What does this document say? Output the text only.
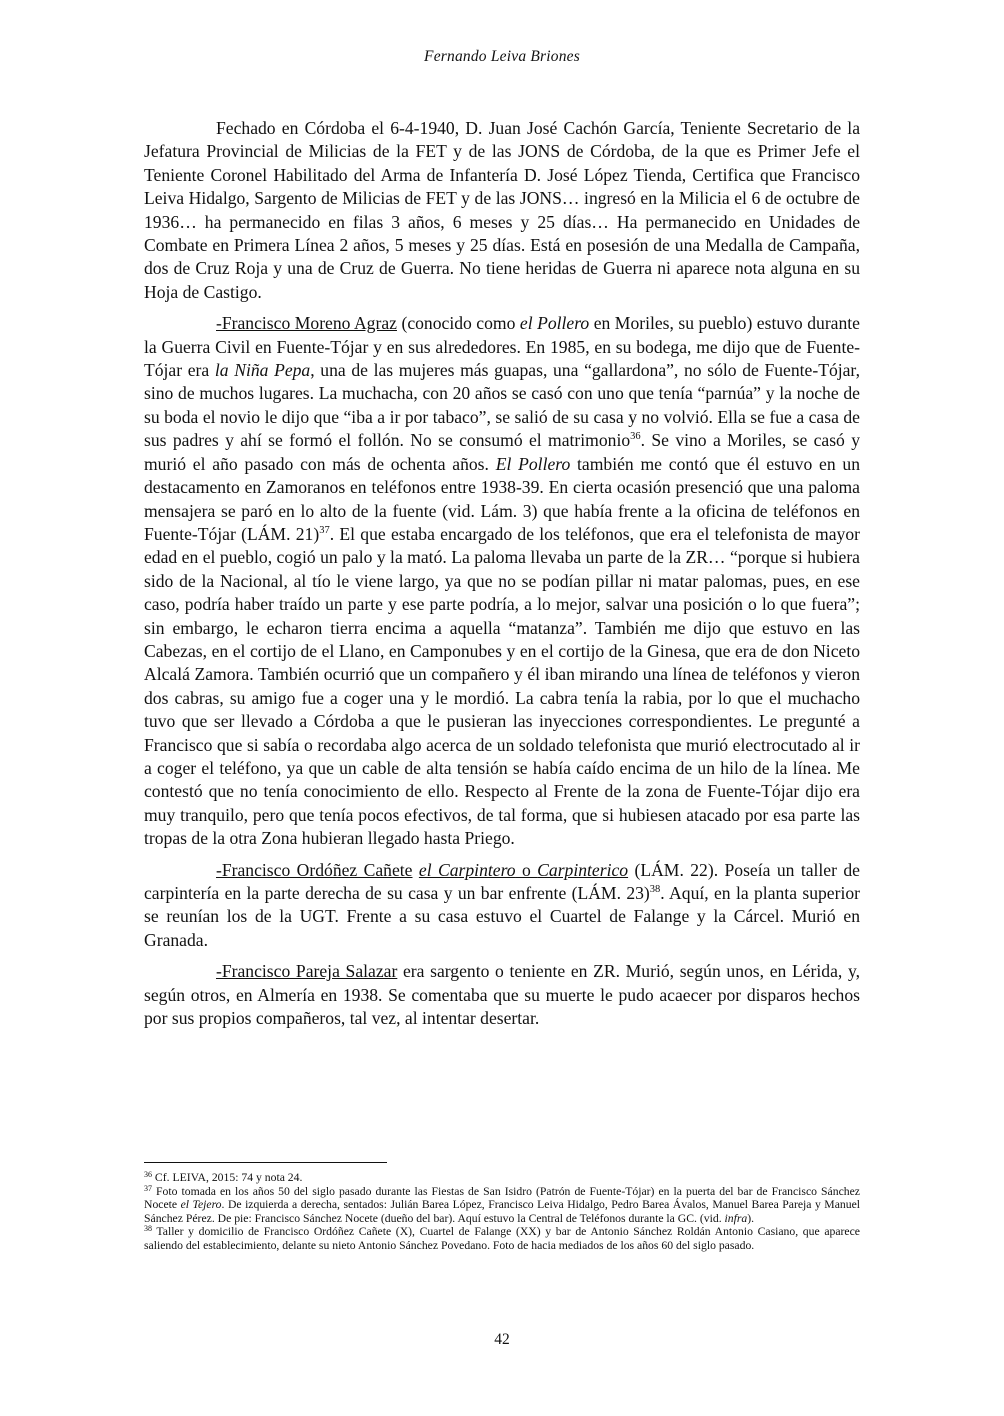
Fernando Leiva Briones

Fechado en Córdoba el 6-4-1940, D. Juan José Cachón García, Teniente Secretario de la Jefatura Provincial de Milicias de la FET y de las JONS de Córdoba, de la que es Primer Jefe el Teniente Coronel Habilitado del Arma de Infantería D. José López Tienda, Certifica que Francisco Leiva Hidalgo, Sargento de Milicias de FET y de las JONS… ingresó en la Milicia el 6 de octubre de 1936… ha permanecido en filas 3 años, 6 meses y 25 días… Ha permanecido en Unidades de Combate en Primera Línea 2 años, 5 meses y 25 días. Está en posesión de una Medalla de Campaña, dos de Cruz Roja y una de Cruz de Guerra. No tiene heridas de Guerra ni aparece nota alguna en su Hoja de Castigo.

-Francisco Moreno Agraz (conocido como el Pollero en Moriles, su pueblo) estuvo durante la Guerra Civil en Fuente-Tójar y en sus alrededores. En 1985, en su bodega, me dijo que de Fuente-Tójar era la Niña Pepa, una de las mujeres más guapas, una “gallardona”, no sólo de Fuente-Tójar, sino de muchos lugares. La muchacha, con 20 años se casó con uno que tenía “parnúa” y la noche de su boda el novio le dijo que “iba a ir por tabaco”, se salió de su casa y no volvió. Ella se fue a casa de sus padres y ahí se formó el follón. No se consumó el matrimonio$^{36}$. Se vino a Moriles, se casó y murió el año pasado con más de ochenta años. El Pollero también me contó que él estuvo en un destacamento en Zamoranos en teléfonos entre 1938-39. En cierta ocasión presenció que una paloma mensajera se paró en lo alto de la fuente (vid. Lám. 3) que había frente a la oficina de teléfonos en Fuente-Tójar (LÁM. 21)$^{37}$. El que estaba encargado de los teléfonos, que era el telefonista de mayor edad en el pueblo, cogió un palo y la mató. La paloma llevaba un parte de la ZR… “porque si hubiera sido de la Nacional, al tío le viene largo, ya que no se podían pillar ni matar palomas, pues, en ese caso, podría haber traído un parte y ese parte podría, a lo mejor, salvar una posición o lo que fuera”; sin embargo, le echaron tierra encima a aquella “matanza”. También me dijo que estuvo en las Cabezas, en el cortijo de el Llano, en Camponubes y en el cortijo de la Ginesa, que era de don Niceto Alcalá Zamora. También ocurrió que un compañero y él iban mirando una línea de teléfonos y vieron dos cabras, su amigo fue a coger una y le mordió. La cabra tenía la rabia, por lo que el muchacho tuvo que ser llevado a Córdoba a que le pusieran las inyecciones correspondientes. Le pregunté a Francisco que si sabía o recordaba algo acerca de un soldado telefonista que murió electrocutado al ir a coger el teléfono, ya que un cable de alta tensión se había caído encima de un hilo de la línea. Me contestó que no tenía conocimiento de ello. Respecto al Frente de la zona de Fuente-Tójar dijo era muy tranquilo, pero que tenía pocos efectivos, de tal forma, que si hubiesen atacado por esa parte las tropas de la otra Zona hubieran llegado hasta Priego.

-Francisco Ordóñez Cañete el Carpintero o Carpinterico (LÁM. 22). Poseía un taller de carpintería en la parte derecha de su casa y un bar enfrente (LÁM. 23)$^{38}$. Aquí, en la planta superior se reunían los de la UGT. Frente a su casa estuvo el Cuartel de Falange y la Cárcel. Murió en Granada.

-Francisco Pareja Salazar era sargento o teniente en ZR. Murió, según unos, en Lérida, y, según otros, en Almería en 1938. Se comentaba que su muerte le pudo acaecer por disparos hechos por sus propios compañeros, tal vez, al intentar desertar.

$^{36}$ Cf. LEIVA, 2015: 74 y nota 24.

$^{37}$ Foto tomada en los años 50 del siglo pasado durante las Fiestas de San Isidro (Patrón de Fuente-Tójar) en la puerta del bar de Francisco Sánchez Nocete el Tejero. De izquierda a derecha, sentados: Julián Barea López, Francisco Leiva Hidalgo, Pedro Barea Ávalos, Manuel Barea Pareja y Manuel Sánchez Pérez. De pie: Francisco Sánchez Nocete (dueño del bar). Aquí estuvo la Central de Teléfonos durante la GC. (vid. infra).

$^{38}$ Taller y domicilio de Francisco Ordóñez Cañete (X), Cuartel de Falange (XX) y bar de Antonio Sánchez Roldán Antonio Casiano, que aparece saliendo del establecimiento, delante su nieto Antonio Sánchez Povedano. Foto de hacia mediados de los años 60 del siglo pasado.

42
